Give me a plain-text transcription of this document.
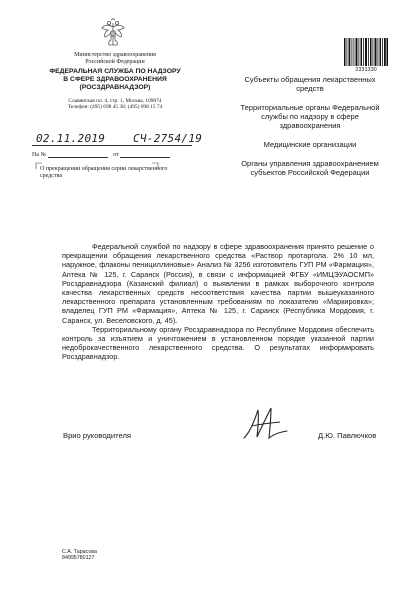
Министерство здравоохранения
Российской Федерации
ФЕДЕРАЛЬНАЯ СЛУЖБА ПО НАДЗОРУ
В СФЕРЕ ЗДРАВООХРАНЕНИЯ
(РОСЗДРАВНАДЗОР)
Славянская пл. 4, стр. 1, Москва, 109074
Телефон: (495) 698 45 38; (495) 698 15 74
02.11.2019	СЧ-2754/19
На №	от
О прекращении обращения серии лекарственного средства
2331330

Субъекты обращения лекарственных средств

Территориальные органы Федеральной службы по надзору в сфере здравоохранения

Медицинские организации

Органы управления здравоохранением субъектов Российской Федерации

Федеральной службой по надзору в сфере здравоохранения принято решение о прекращении обращения лекарственного средства «Раствор протаргола. 2% 10 мл, наружное, флаконы пенициллиновые» Анализ № 3256 изготовитель ГУП РМ «Фармация», Аптека № 125, г. Саранск (Россия), в связи с информацией ФГБУ «ИМЦЭУАОСМП» Росздравнадзора (Казанский филиал) о выявлении в рамках выборочного контроля качества лекарственных средств несоответствия качества партии вышеуказанного лекарственного препарата установленным требованиям по показателю «Маркировка»; владелец ГУП РМ «Фармация», Аптека № 125, г. Саранск (Республика Мордовия, г. Саранск, ул. Веселовского, д. 45).

Территориальному органу Росздравнадзора по Республике Мордовия обеспечить контроль за изъятием и уничтожением в установленном порядке указанной партии недоброкачественного лекарственного средства. О результатах информировать Росздравнадзор.

Врио руководителя	Д.Ю. Павлючков
С.А. Тарасова
84995780127
